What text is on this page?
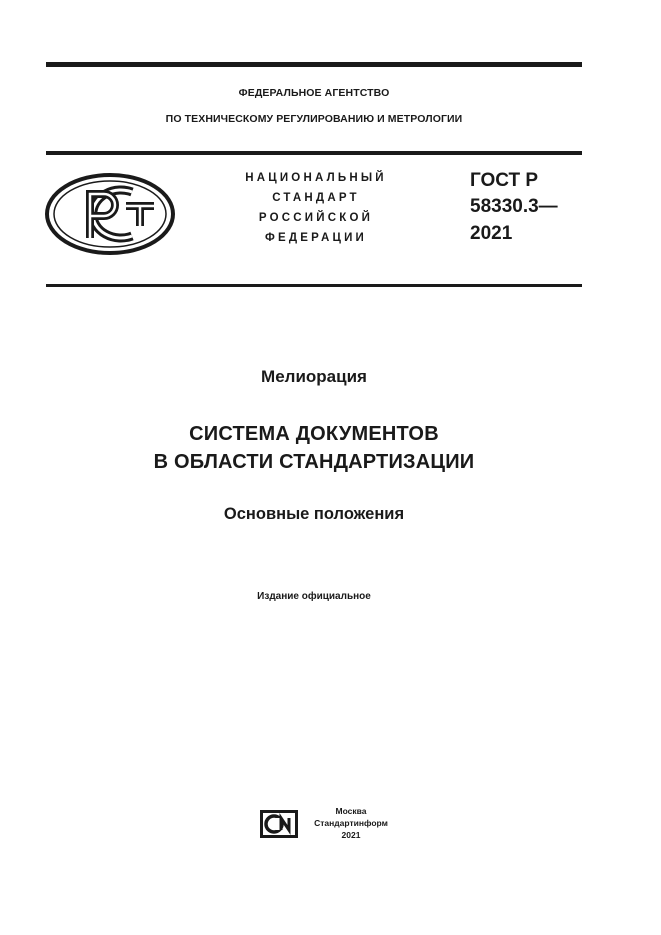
ФЕДЕРАЛЬНОЕ АГЕНТСТВО
ПО ТЕХНИЧЕСКОМУ РЕГУЛИРОВАНИЮ И МЕТРОЛОГИИ
НАЦИОНАЛЬНЫЙ
СТАНДАРТ
РОССИЙСКОЙ
ФЕДЕРАЦИИ
ГОСТ Р
58330.3—
2021
Мелиорация
СИСТЕМА ДОКУМЕНТОВ
В ОБЛАСТИ СТАНДАРТИЗАЦИИ
Основные положения
Издание официальное
Москва
Стандартинформ
2021
